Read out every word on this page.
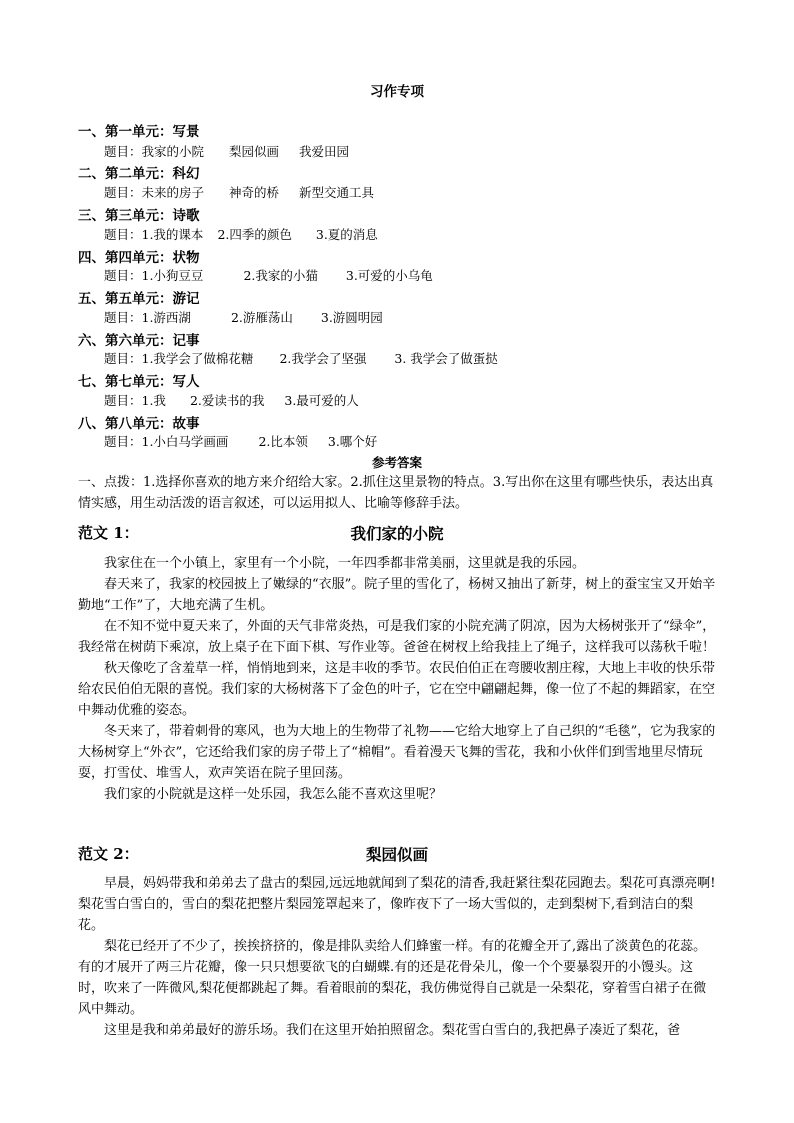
习作专项
一、第一单元：写景
题目：我家的小院 梨园似画 我爱田园
二、第二单元：科幻
题目：未来的房子 神奇的桥 新型交通工具
三、第三单元：诗歌
题目：1.我的课本 2.四季的颜色 3.夏的消息
四、第四单元：状物
题目：1.小狗豆豆	2.我家的小猫 3.可爱的小乌龟
五、第五单元：游记
题目：1.游西湖	2.游雁荡山 3.游圆明园
六、第六单元：记事
题目：1.我学会了做棉花糖 2.我学会了坚强 3. 我学会了做蛋挞
七、第七单元：写人
题目：1.我 2.爱读书的我 3.最可爱的人
八、第八单元：故事
题目：1.小白马学画画 2.比本领 3.哪个好
参考答案

一、点拨：1.选择你喜欢的地方来介绍给大家。2.抓住这里景物的特点。3.写出你在这里有哪些快乐，表达出真情实感，用生动活泼的语言叙述，可以运用拟人、比喻等修辞手法。

范文 1：	我们家的小院

我家住在一个小镇上，家里有一个小院，一年四季都非常美丽，这里就是我的乐园。

春天来了，我家的校园披上了嫩绿的“衣服”。院子里的雪化了，杨树又抽出了新芽，树上的蚕宝宝又开始辛勤地“工作”了，大地充满了生机。

在不知不觉中夏天来了，外面的天气非常炎热，可是我们家的小院充满了阴凉，因为大杨树张开了“绿伞”，我经常在树荫下乘凉，放上桌子在下面下棋、写作业等。爸爸在树杈上给我挂上了绳子，这样我可以荡秋千啦！

秋天像吃了含羞草一样，悄悄地到来，这是丰收的季节。农民伯伯正在弯腰收割庄稼，大地上丰收的快乐带给农民伯伯无限的喜悦。我们家的大杨树落下了金色的叶子，它在空中翩翩起舞，像一位了不起的舞蹈家，在空中舞动优雅的姿态。

冬天来了，带着刺骨的寒风，也为大地上的生物带了礼物——它给大地穿上了自己织的“毛毯”，它为我家的大杨树穿上“外衣”，它还给我们家的房子带上了“棉帽”。看着漫天飞舞的雪花，我和小伙伴们到雪地里尽情玩耍，打雪仗、堆雪人，欢声笑语在院子里回荡。

我们家的小院就是这样一处乐园，我怎么能不喜欢这里呢？

范文 2：	梨园似画

早晨，妈妈带我和弟弟去了盘古的梨园,远远地就闻到了梨花的清香,我赶紧往梨花园跑去。梨花可真漂亮啊!梨花雪白雪白的，雪白的梨花把整片梨园笼罩起来了，像昨夜下了一场大雪似的，走到梨树下,看到洁白的梨花。

梨花已经开了不少了，挨挨挤挤的，像是排队卖给人们蜂蜜一样。有的花瓣全开了,露出了淡黄色的花蕊。有的才展开了两三片花瓣，像一只只想要欲飞的白蝴蝶.有的还是花骨朵儿，像一个个要暴裂开的小馒头。这时，吹来了一阵微风,梨花便都跳起了舞。看着眼前的梨花，我仿佛觉得自己就是一朵梨花，穿着雪白裙子在微风中舞动。

这里是我和弟弟最好的游乐场。我们在这里开始拍照留念。梨花雪白雪白的,我把鼻子凑近了梨花，爸
